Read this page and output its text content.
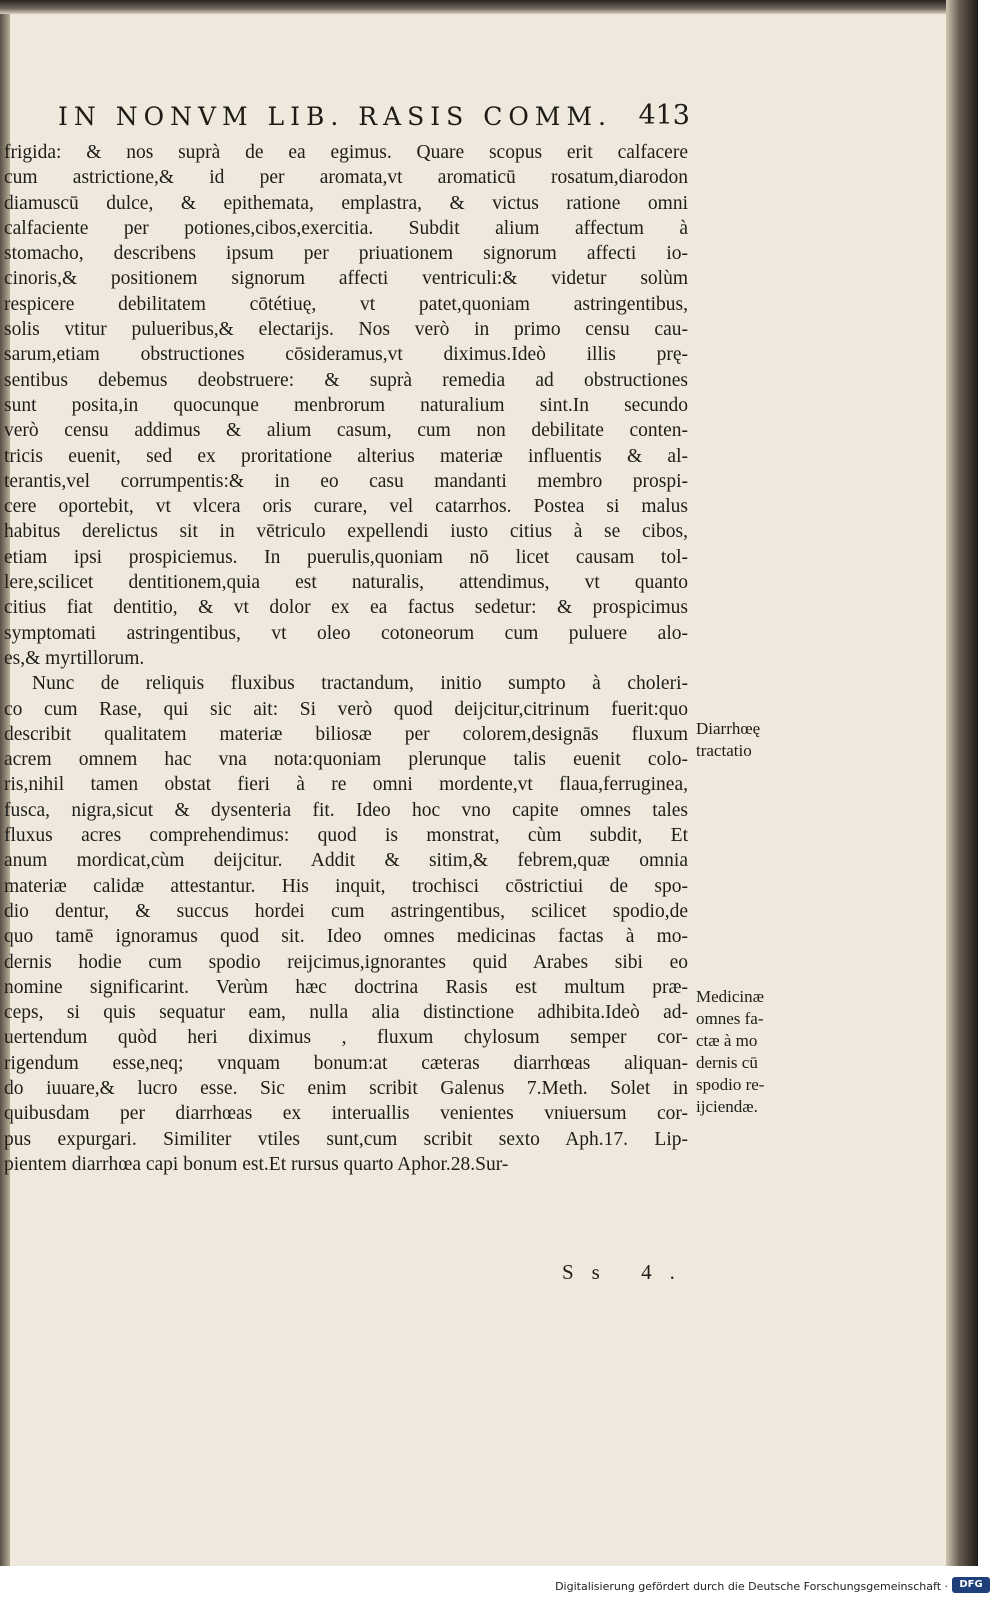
IN NONVM LIB. RASIS COMM. 413
frigida: & nos suprà de ea egimus. Quare scopus erit calfacere
cum astrictione,& id per aromata,vt aromaticū rosatum,diarodon
diamuscū dulce, & epithemata, emplastra, & victus ratione omni
calfaciente per potiones,cibos,exercitia. Subdit alium affectum à
stomacho, describens ipsum per priuationem signorum affecti io-
cinoris,& positionem signorum affecti ventriculi:& videtur solùm
respicere debilitatem cōtétiuę, vt patet,quoniam astringentibus,
solis vtitur pulueribus,& electarijs. Nos verò in primo censu cau-
sarum,etiam obstructiones cōsideramus,vt diximus.Ideò illis prę-
sentibus debemus deobstruere: & suprà remedia ad obstructiones
sunt posita,in quocunque menbrorum naturalium sint.In secundo
verò censu addimus & alium casum, cum non debilitate conten-
tricis euenit, sed ex proritatione alterius materiæ influentis & al-
terantis,vel corrumpentis:& in eo casu mandanti membro prospi-
cere oportebit, vt vlcera oris curare, vel catarrhos. Postea si malus
habitus derelictus sit in vētriculo expellendi iusto citius à se cibos,
etiam ipsi prospiciemus. In puerulis,quoniam nō licet causam tol-
lere,scilicet dentitionem,quia est naturalis, attendimus, vt quanto
citius fiat dentitio, & vt dolor ex ea factus sedetur: & prospicimus
symptomati astringentibus, vt oleo cotoneorum cum puluere alo-
es,& myrtillorum.
Nunc de reliquis fluxibus tractandum, initio sumpto à choleri-
co cum Rase, qui sic ait: Si verò quod deijcitur,citrinum fuerit:quo
describit qualitatem materiæ biliosæ per colorem,designās fluxum
acrem omnem hac vna nota:quoniam plerunque talis euenit colo-
ris,nihil tamen obstat fieri à re omni mordente,vt flaua,ferruginea,
fusca, nigra,sicut & dysenteria fit. Ideo hoc vno capite omnes tales
fluxus acres comprehendimus: quod is monstrat, cùm subdit, Et
anum mordicat,cùm deijcitur. Addit & sitim,& febrem,quæ omnia
materiæ calidæ attestantur. His inquit, trochisci cōstrictiui de spo-
dio dentur, & succus hordei cum astringentibus, scilicet spodio,de
quo tamē ignoramus quod sit. Ideo omnes medicinas factas à mo-
dernis hodie cum spodio reijcimus,ignorantes quid Arabes sibi eo
nomine significarint. Verùm hæc doctrina Rasis est multum præ-
ceps, si quis sequatur eam, nulla alia distinctione adhibita.Ideò ad-
uertendum quòd heri diximus , fluxum chylosum semper cor-
rigendum esse,neq; vnquam bonum:at cæteras diarrhœas aliquan-
do iuuare,& lucro esse. Sic enim scribit Galenus 7.Meth. Solet in
quibusdam per diarrhœas ex interuallis venientes vniuersum cor-
pus expurgari. Similiter vtiles sunt,cum scribit sexto Aph.17. Lip-
pientem diarrhœa capi bonum est.Et rursus quarto Aphor.28.Sur-
Diarrhœę
tractatio
Medicinæ
omnes fa-
ctæ à mo
dernis cū
spodio re-
ijciendæ.
Ss 4.
Digitalisierung gefördert durch die Deutsche Forschungsgemeinschaft ·	DFG
